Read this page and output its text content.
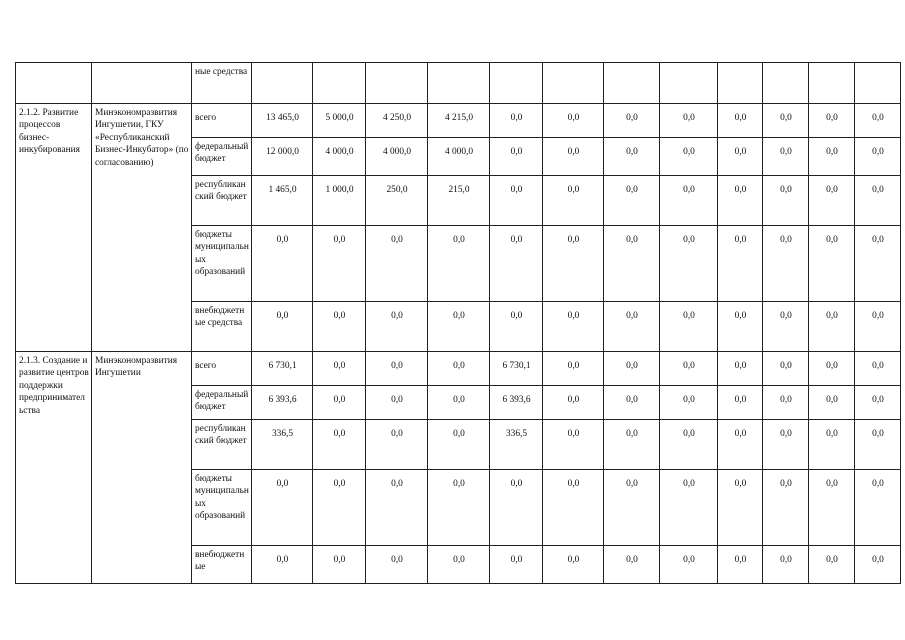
		ные средства												
2.1.2. Развитие процессов бизнес-инкубирования	Минэкономразвития Ингушетии, ГКУ «Республиканский Бизнес-Инкубатор» (по согласованию)	всего	13 465,0	5 000,0	4 250,0	4 215,0	0,0	0,0	0,0	0,0	0,0	0,0	0,0	0,0
		федеральный бюджет	12 000,0	4 000,0	4 000,0	4 000,0	0,0	0,0	0,0	0,0	0,0	0,0	0,0	0,0
		республиканский бюджет	1 465,0	1 000,0	250,0	215,0	0,0	0,0	0,0	0,0	0,0	0,0	0,0	0,0
		бюджеты муниципальных образований	0,0	0,0	0,0	0,0	0,0	0,0	0,0	0,0	0,0	0,0	0,0	0,0
		внебюджетные средства	0,0	0,0	0,0	0,0	0,0	0,0	0,0	0,0	0,0	0,0	0,0	0,0
2.1.3. Создание и развитие центров поддержки предпринимательства	Минэкономразвития Ингушетии	всего	6 730,1	0,0	0,0	0,0	6 730,1	0,0	0,0	0,0	0,0	0,0	0,0	0,0
		федеральный бюджет	6 393,6	0,0	0,0	0,0	6 393,6	0,0	0,0	0,0	0,0	0,0	0,0	0,0
		республиканский бюджет	336,5	0,0	0,0	0,0	336,5	0,0	0,0	0,0	0,0	0,0	0,0	0,0
		бюджеты муниципальных образований	0,0	0,0	0,0	0,0	0,0	0,0	0,0	0,0	0,0	0,0	0,0	0,0
		внебюджетные	0,0	0,0	0,0	0,0	0,0	0,0	0,0	0,0	0,0	0,0	0,0	0,0
